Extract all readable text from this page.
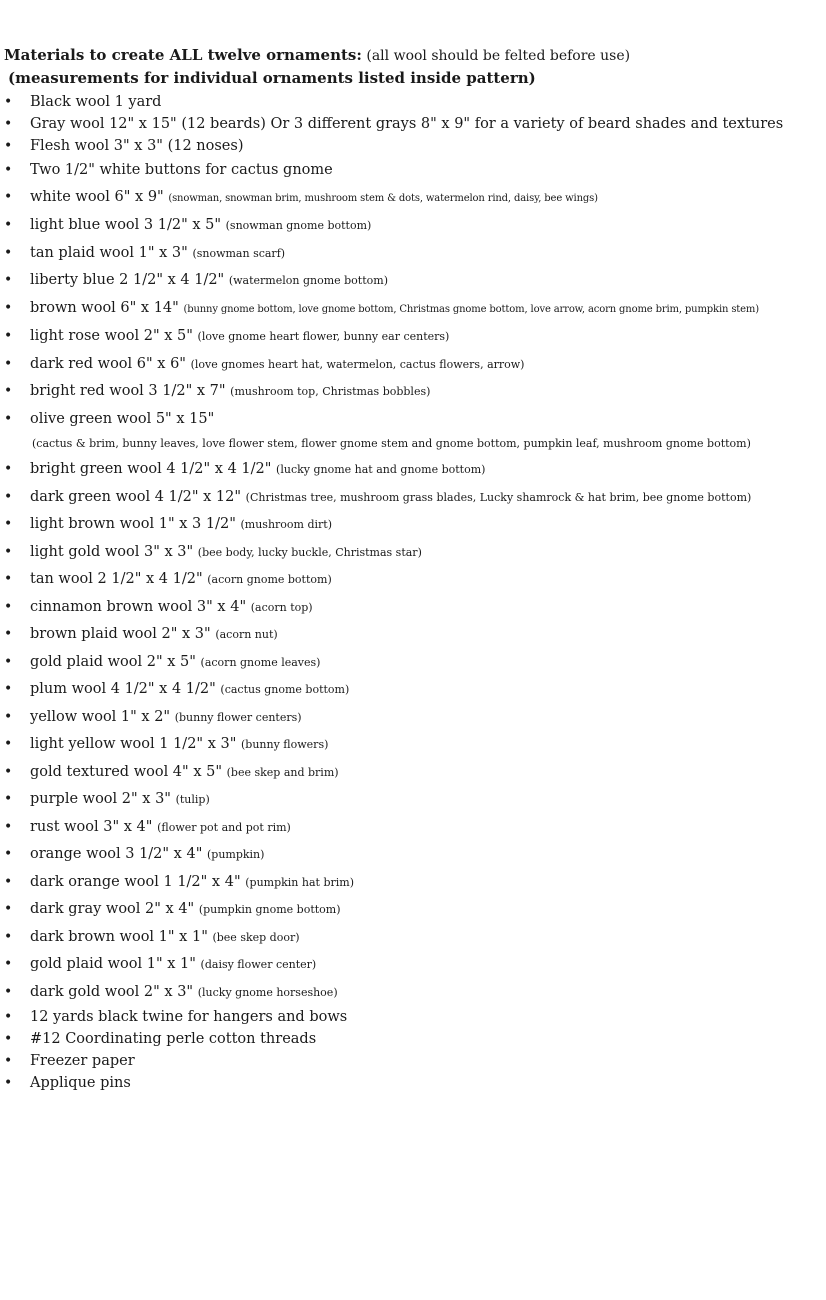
Materials to create ALL twelve ornaments: (all wool should be felted before use)
(measurements for individual ornaments listed inside pattern)
• Black wool 1 yard
• Gray wool 12" x 15" (12 beards) Or 3 different grays 8" x 9" for a variety of beard shades and textures
• Flesh wool 3" x 3" (12 noses)
• Two 1/2" white buttons for cactus gnome
• white wool 6" x 9" (snowman, snowman brim, mushroom stem & dots, watermelon rind, daisy, bee wings)
• light blue wool 3 1/2" x 5" (snowman gnome bottom)
• tan plaid wool 1" x 3" (snowman scarf)
• liberty blue 2 1/2" x 4 1/2" (watermelon gnome bottom)
• brown wool 6" x 14" (bunny gnome bottom, love gnome bottom, Christmas gnome bottom, love arrow, acorn gnome brim, pumpkin stem)
• light rose wool 2" x 5" (love gnome heart flower, bunny ear centers)
• dark red wool 6" x 6" (love gnomes heart hat, watermelon, cactus flowers, arrow)
• bright red wool 3 1/2" x 7" (mushroom top, Christmas bobbles)
• olive green wool 5" x 15"
(cactus & brim, bunny leaves, love flower stem, flower gnome stem and gnome bottom, pumpkin leaf, mushroom gnome bottom)
• bright green wool 4 1/2" x 4 1/2" (lucky gnome hat and gnome bottom)
• dark green wool 4 1/2" x 12" (Christmas tree, mushroom grass blades, Lucky shamrock & hat brim, bee gnome bottom)
• light brown wool 1" x 3 1/2" (mushroom dirt)
• light gold wool 3" x 3" (bee body, lucky buckle, Christmas star)
• tan wool 2 1/2" x 4 1/2" (acorn gnome bottom)
• cinnamon brown wool 3" x 4" (acorn top)
• brown plaid wool 2" x 3" (acorn nut)
• gold plaid wool 2" x 5" (acorn gnome leaves)
• plum wool 4 1/2" x 4 1/2" (cactus gnome bottom)
• yellow wool 1" x 2" (bunny flower centers)
• light yellow wool 1 1/2" x 3" (bunny flowers)
• gold textured wool 4" x 5" (bee skep and brim)
• purple wool 2" x 3" (tulip)
• rust wool 3" x 4" (flower pot and pot rim)
• orange wool 3 1/2" x 4" (pumpkin)
• dark orange wool 1 1/2" x 4" (pumpkin hat brim)
• dark gray wool 2" x 4" (pumpkin gnome bottom)
• dark brown wool 1" x 1" (bee skep door)
• gold plaid wool 1" x 1" (daisy flower center)
• dark gold wool 2" x 3" (lucky gnome horseshoe)
• 12 yards black twine for hangers and bows
• #12 Coordinating perle cotton threads
• Freezer paper
• Applique pins
